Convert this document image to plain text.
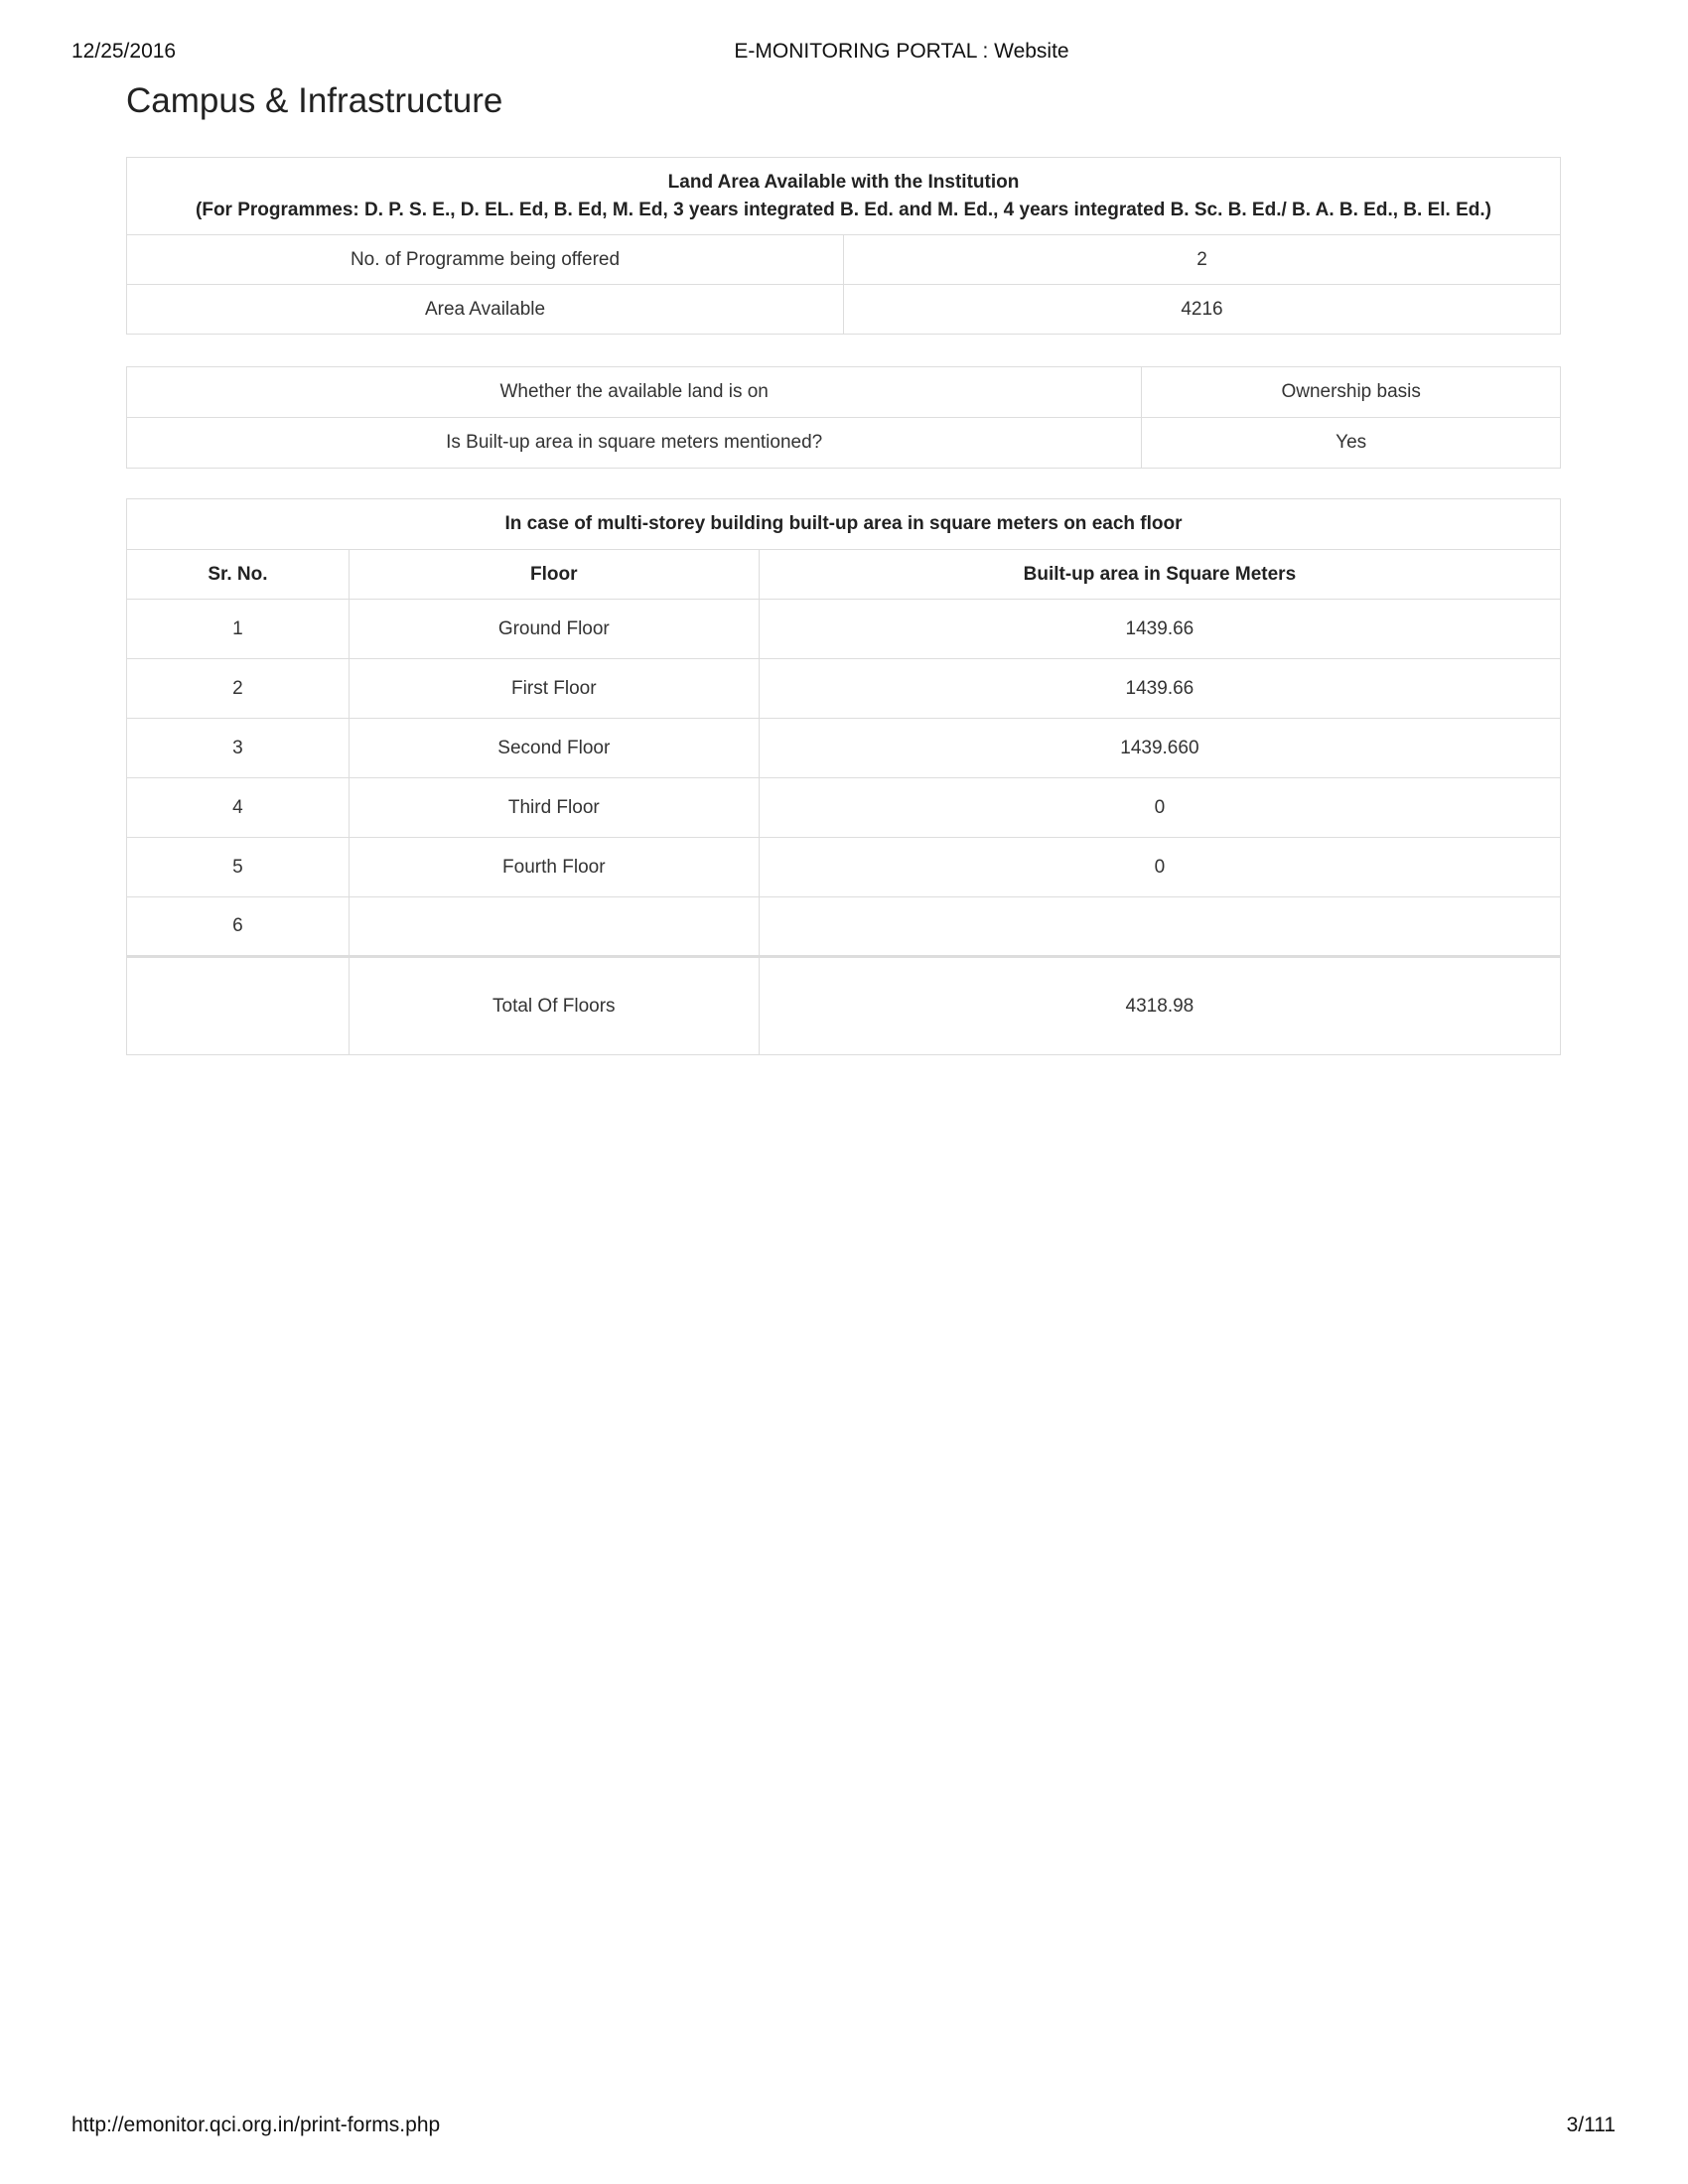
12/25/2016	E-MONITORING PORTAL : Website
Campus & Infrastructure
Land Area Available with the Institution
(For Programmes: D. P. S. E., D. EL. Ed, B. Ed, M. Ed, 3 years integrated B. Ed. and M. Ed., 4 years integrated B. Sc. B. Ed./ B. A. B. Ed., B. El. Ed.)	

No. of Programme being offered	2
Area Available	4216
Whether the available land is on	Ownership basis
Is Built-up area in square meters mentioned?	Yes
In case of multi-storey building built-up area in square meters on each floor		
Sr. No.	Floor	Built-up area in Square Meters
1	Ground Floor	1439.66
2	First Floor	1439.66
3	Second Floor	1439.660
4	Third Floor	0
5	Fourth Floor	0
6		
	Total Of Floors	4318.98
http://emonitor.qci.org.in/print-forms.php	3/111
